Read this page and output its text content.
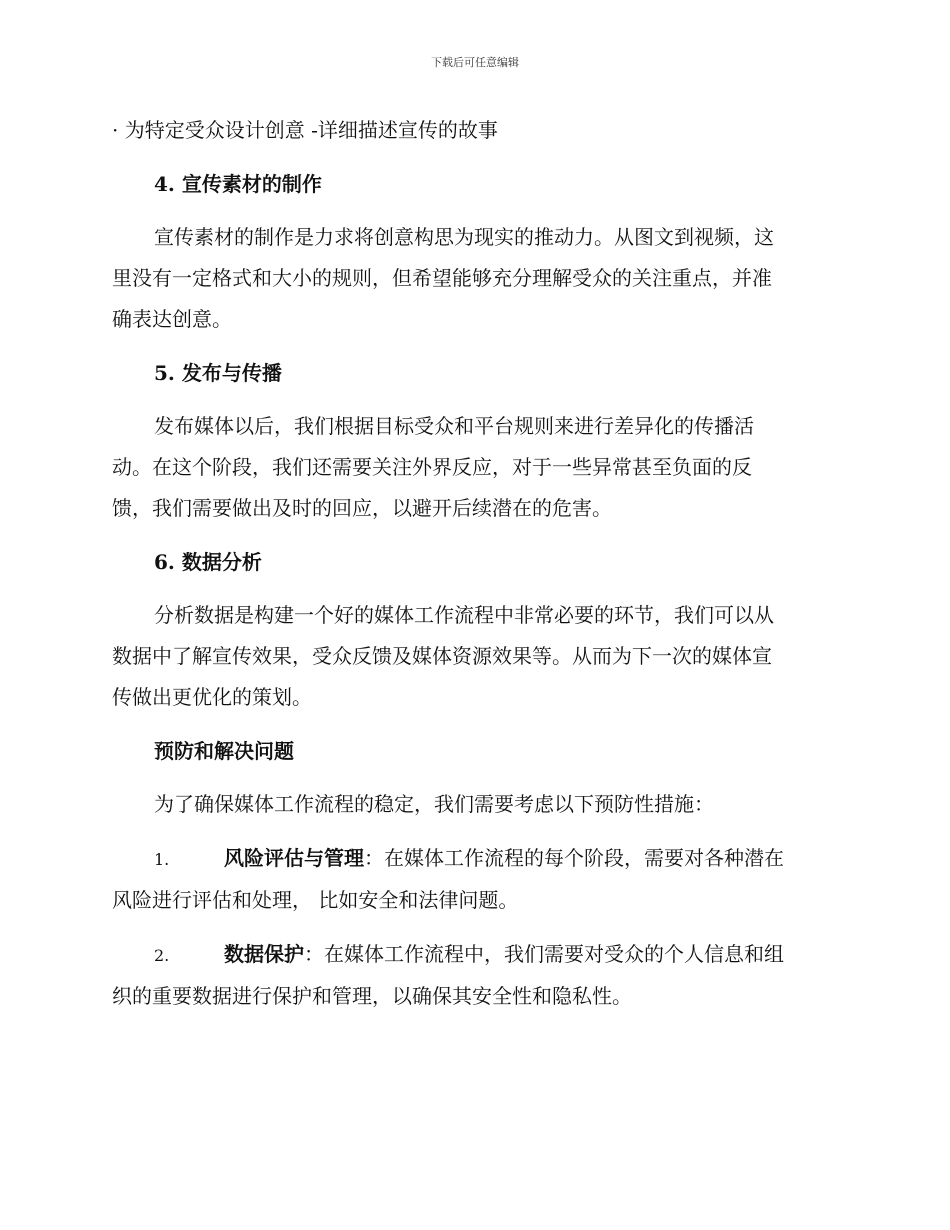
下载后可任意编辑
· 为特定受众设计创意 -详细描述宣传的故事
4. 宣传素材的制作
宣传素材的制作是力求将创意构思为现实的推动力。从图文到视频，这
里没有一定格式和大小的规则，但希望能够充分理解受众的关注重点，并准
确表达创意。
5. 发布与传播
发布媒体以后，我们根据目标受众和平台规则来进行差异化的传播活
动。在这个阶段，我们还需要关注外界反应，对于一些异常甚至负面的反
馈，我们需要做出及时的回应，以避开后续潜在的危害。
6. 数据分析
分析数据是构建一个好的媒体工作流程中非常必要的环节，我们可以从
数据中了解宣传效果，受众反馈及媒体资源效果等。从而为下一次的媒体宣
传做出更优化的策划。
预防和解决问题
为了确保媒体工作流程的稳定，我们需要考虑以下预防性措施：
1.	风险评估与管理：在媒体工作流程的每个阶段，需要对各种潜在
风险进行评估和处理， 比如安全和法律问题。
2.	数据保护：在媒体工作流程中，我们需要对受众的个人信息和组
织的重要数据进行保护和管理，以确保其安全性和隐私性。
